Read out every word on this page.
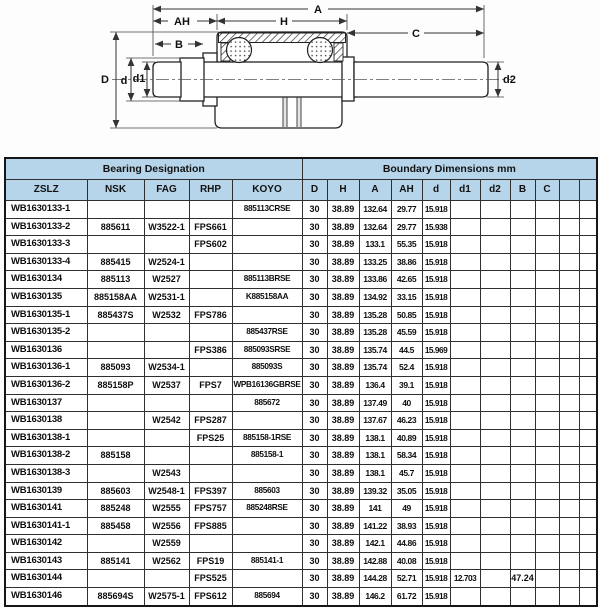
A
AH	H
C
B
D d d1	d2
Bearing Designation					Boundary Dimensions mm										
ZSLZ	NSK	FAG	RHP	KOYO	D	H	A	AH	d	d1	d2	B	C		
WB1630133-1				885113CRSE	30	38.89	132.64	29.77	15.918						
WB1630133-2	885611	W3522-1	FPS661		30	38.89	132.64	29.77	15.938						
WB1630133-3			FPS602		30	38.89	133.1	55.35	15.918						
WB1630133-4	885415	W2524-1			30	38.89	133.25	38.86	15.918						
WB1630134	885113	W2527		885113BRSE	30	38.89	133.86	42.65	15.918						
WB1630135	885158AA	W2531-1		K885158AA	30	38.89	134.92	33.15	15.918						
WB1630135-1	885437S	W2532	FPS786		30	38.89	135.28	50.85	15.918						
WB1630135-2				885437RSE	30	38.89	135.28	45.59	15.918						
WB1630136			FPS386	885093SRSE	30	38.89	135.74	44.5	15.969						
WB1630136-1	885093	W2534-1		885093S	30	38.89	135.74	52.4	15.918						
WB1630136-2	885158P	W2537	FPS7	WPB16136GBRSE	30	38.89	136.4	39.1	15.918						
WB1630137				885672	30	38.89	137.49	40	15.918						
WB1630138		W2542	FPS287		30	38.89	137.67	46.23	15.918						
WB1630138-1			FPS25	885158-1RSE	30	38.89	138.1	40.89	15.918						
WB1630138-2	885158			885158-1	30	38.89	138.1	58.34	15.918						
WB1630138-3		W2543			30	38.89	138.1	45.7	15.918						
WB1630139	885603	W2548-1	FPS397	885603	30	38.89	139.32	35.05	15.918						
WB1630141	885248	W2555	FPS757	885248RSE	30	38.89	141	49	15.918						
WB1630141-1	885458	W2556	FPS885		30	38.89	141.22	38.93	15.918						
WB1630142		W2559			30	38.89	142.1	44.86	15.918						
WB1630143	885141	W2562	FPS19	885141-1	30	38.89	142.88	40.08	15.918						
WB1630144			FPS525		30	38.89	144.28	52.71	15.918	12.703		47.24			
WB1630146	885694S	W2575-1	FPS612	885694	30	38.89	146.2	61.72	15.918						
